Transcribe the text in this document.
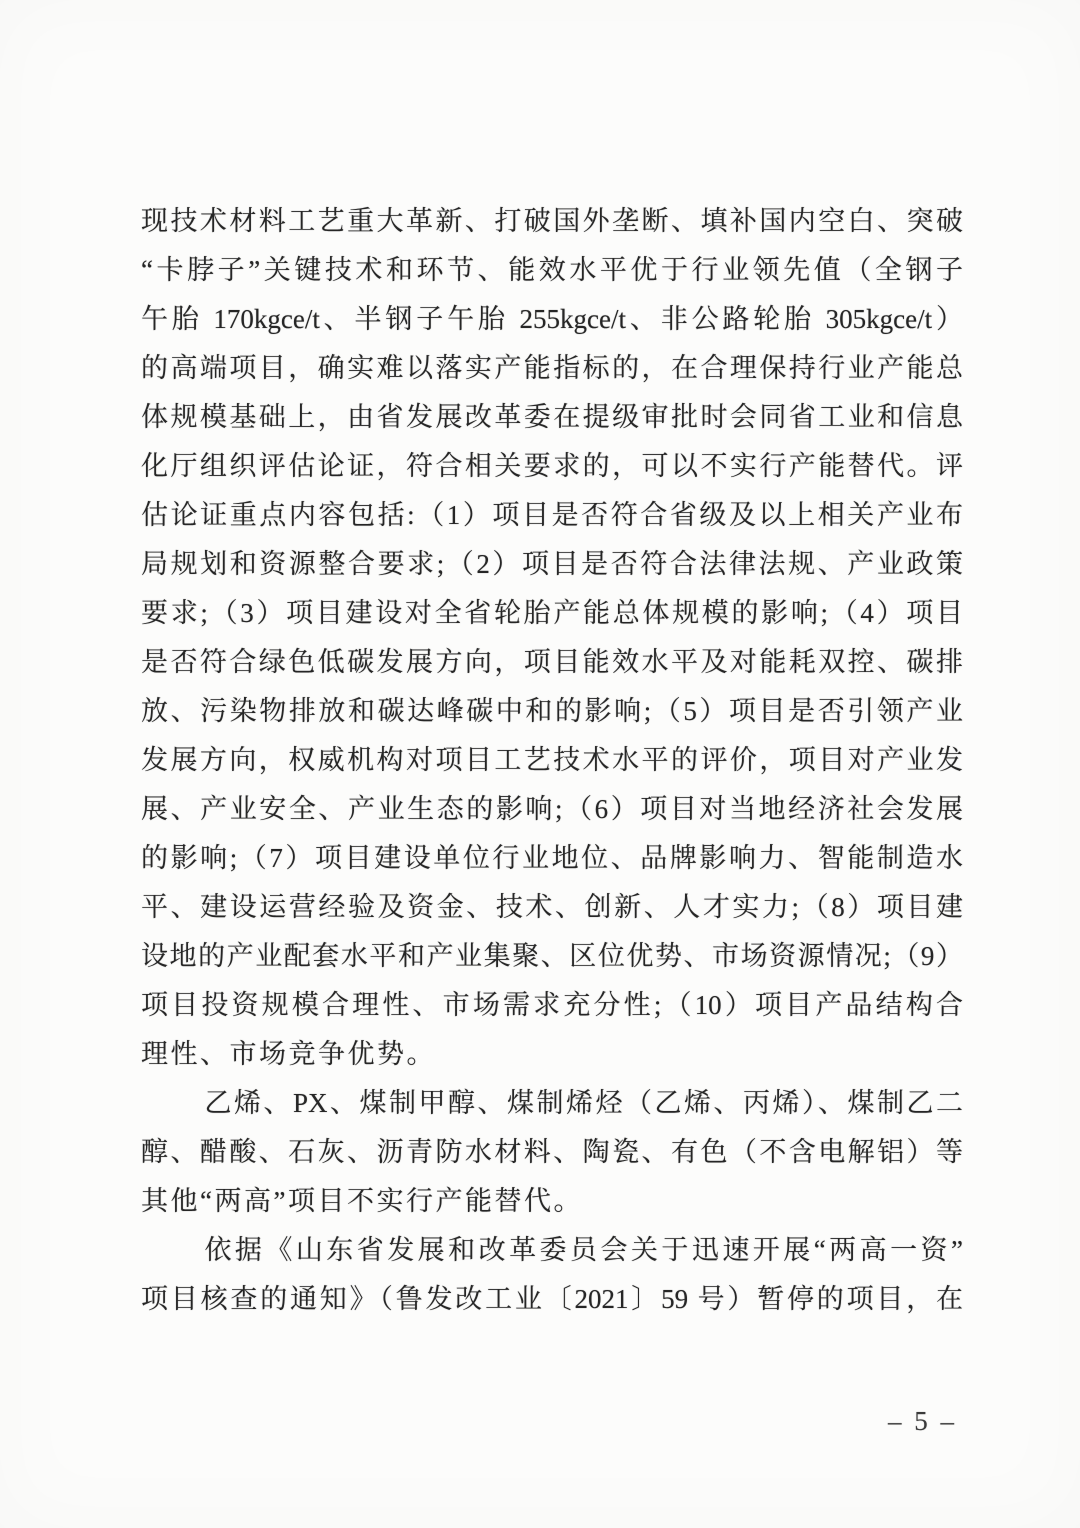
现技术材料工艺重大革新、打破国外垄断、填补国内空白、突破
“卡脖子”关键技术和环节、能效水平优于行业领先值（全钢子
午胎 170kgce/t、半钢子午胎 255kgce/t、非公路轮胎 305kgce/t）
的高端项目，确实难以落实产能指标的，在合理保持行业产能总
体规模基础上，由省发展改革委在提级审批时会同省工业和信息
化厅组织评估论证，符合相关要求的，可以不实行产能替代。评
估论证重点内容包括:（1）项目是否符合省级及以上相关产业布
局规划和资源整合要求;（2）项目是否符合法律法规、产业政策
要求;（3）项目建设对全省轮胎产能总体规模的影响;（4）项目
是否符合绿色低碳发展方向，项目能效水平及对能耗双控、碳排
放、污染物排放和碳达峰碳中和的影响;（5）项目是否引领产业
发展方向，权威机构对项目工艺技术水平的评价，项目对产业发
展、产业安全、产业生态的影响;（6）项目对当地经济社会发展
的影响;（7）项目建设单位行业地位、品牌影响力、智能制造水
平、建设运营经验及资金、技术、创新、人才实力;（8）项目建
设地的产业配套水平和产业集聚、区位优势、市场资源情况;（9）
项目投资规模合理性、市场需求充分性;（10）项目产品结构合
理性、市场竞争优势。
乙烯、PX、煤制甲醇、煤制烯烃（乙烯、丙烯）、煤制乙二
醇、醋酸、石灰、沥青防水材料、陶瓷、有色（不含电解铝）等
其他“两高”项目不实行产能替代。
依据《山东省发展和改革委员会关于迅速开展“两高一资”
项目核查的通知》（鲁发改工业〔2021〕59 号）暂停的项目，在
– 5 –
